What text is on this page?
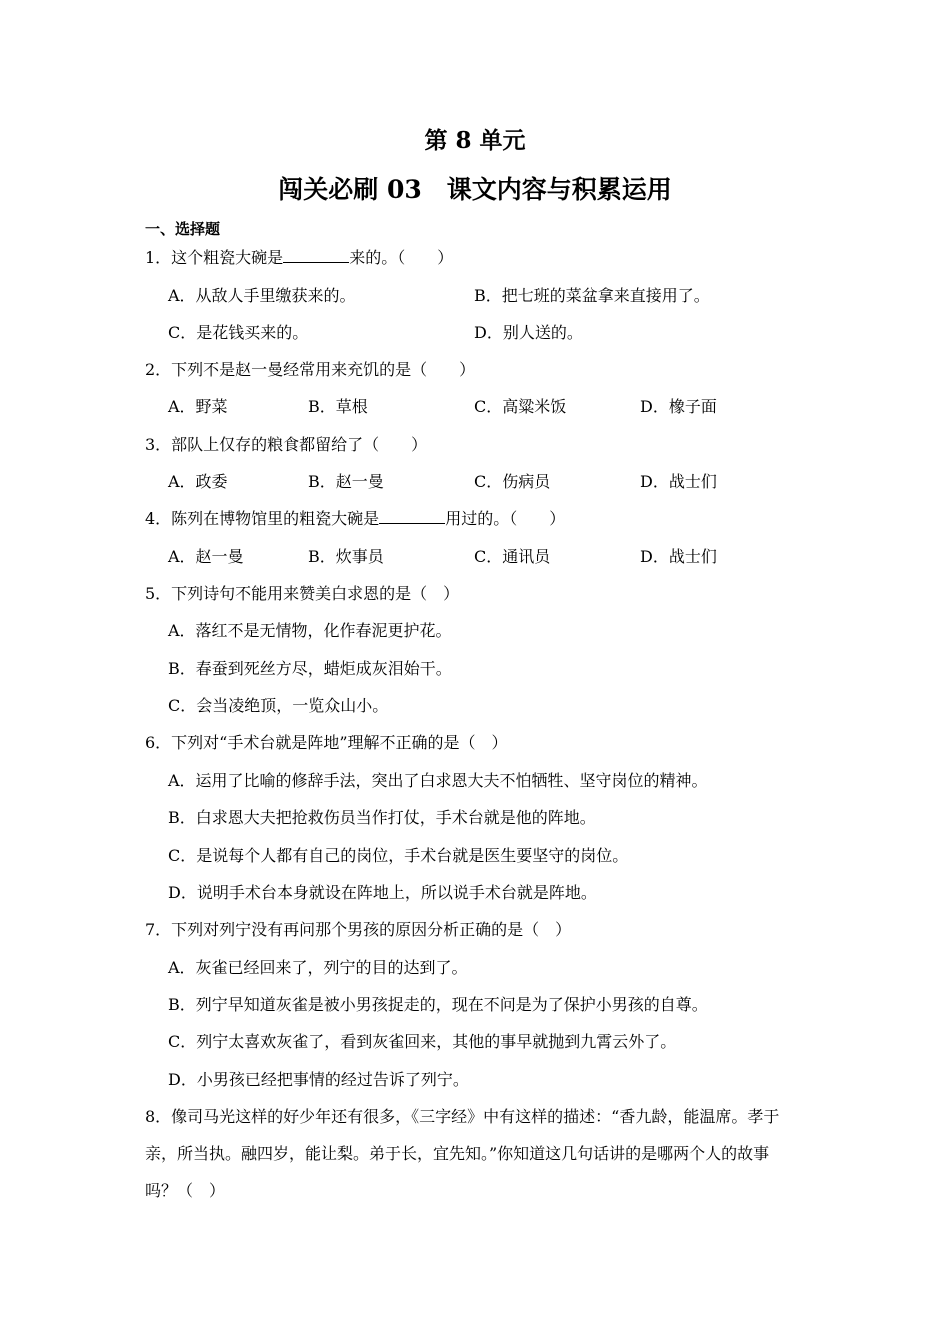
第 8 单元
闯关必刷 03　课文内容与积累运用
一、选择题
1．这个粗瓷大碗是	来的。（　　）
A．从敌人手里缴获来的。	B．把七班的菜盆拿来直接用了。
C．是花钱买来的。	D．别人送的。
2．下列不是赵一曼经常用来充饥的是（　　）
A．野菜	B．草根	C．高粱米饭	D．橡子面
3．部队上仅存的粮食都留给了（　　）
A．政委	B．赵一曼	C．伤病员	D．战士们
4．陈列在博物馆里的粗瓷大碗是	用过的。（　　）
A．赵一曼	B．炊事员	C．通讯员	D．战士们
5．下列诗句不能用来赞美白求恩的是（　）
A．落红不是无情物，化作春泥更护花。
B．春蚕到死丝方尽，蜡炬成灰泪始干。
C．会当凌绝顶，一览众山小。
6．下列对“手术台就是阵地”理解不正确的是（　）
A．运用了比喻的修辞手法，突出了白求恩大夫不怕牺牲、坚守岗位的精神。
B．白求恩大夫把抢救伤员当作打仗，手术台就是他的阵地。
C．是说每个人都有自己的岗位，手术台就是医生要坚守的岗位。
D．说明手术台本身就设在阵地上，所以说手术台就是阵地。
7．下列对列宁没有再问那个男孩的原因分析正确的是（　）
A．灰雀已经回来了，列宁的目的达到了。
B．列宁早知道灰雀是被小男孩捉走的，现在不问是为了保护小男孩的自尊。
C．列宁太喜欢灰雀了，看到灰雀回来，其他的事早就抛到九霄云外了。
D．小男孩已经把事情的经过告诉了列宁。
8．像司马光这样的好少年还有很多，《三字经》中有这样的描述：“香九龄，能温席。孝于
亲，所当执。融四岁，能让梨。弟于长，宜先知。”你知道这几句话讲的是哪两个人的故事
吗？（　）
